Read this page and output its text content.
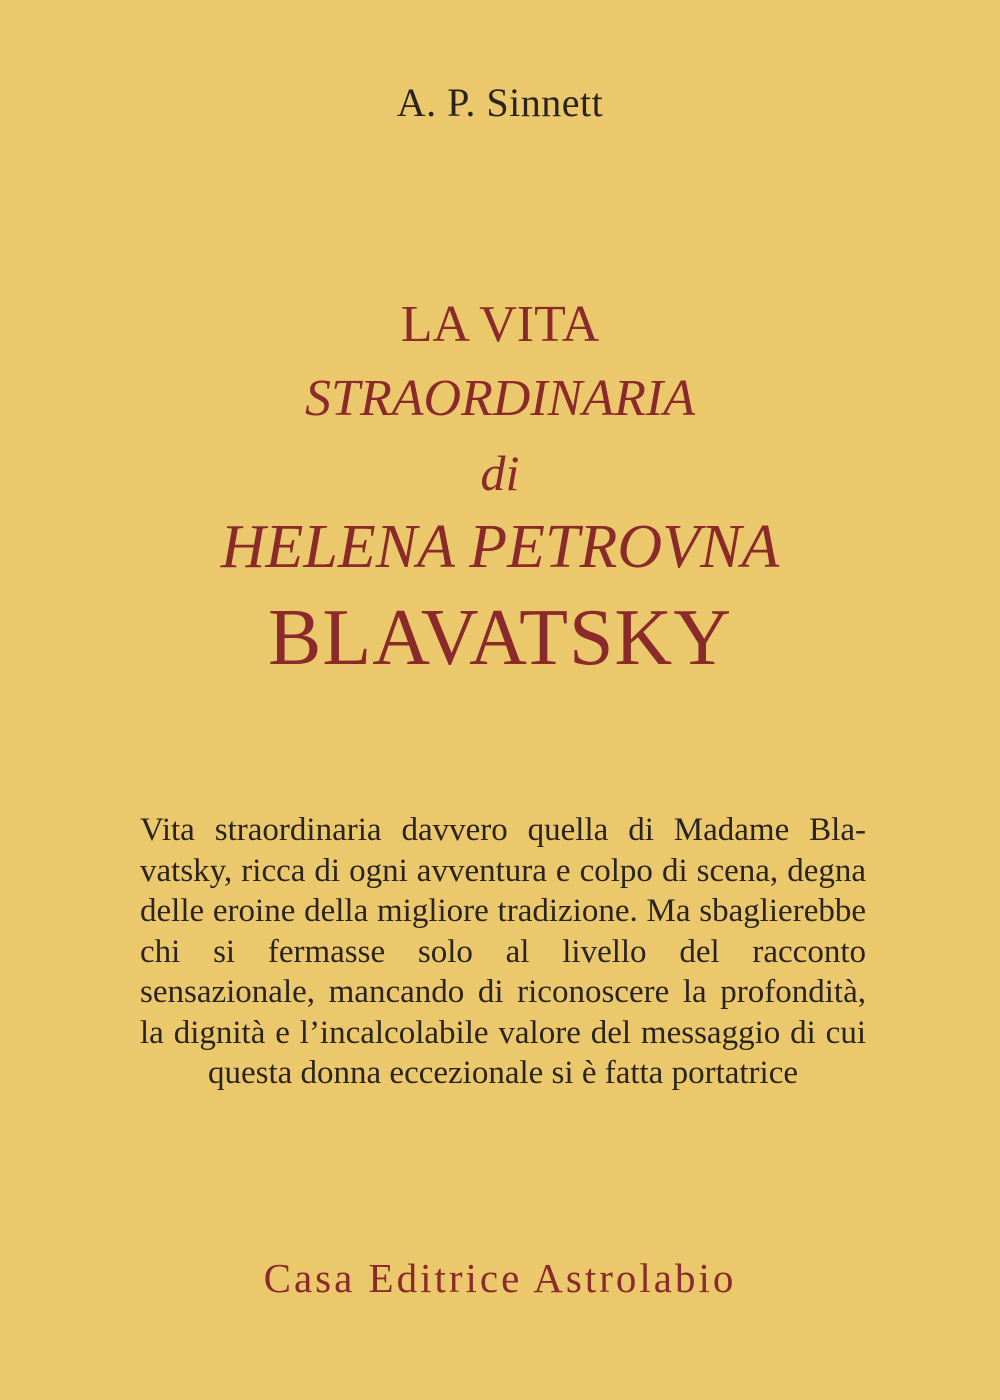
A. P. Sinnett
LA VITA
STRAORDINARIA
di
HELENA PETROVNA
BLAVATSKY
Vita straordinaria davvero quella di Madame Blavatsky, ricca di ogni avventura e colpo di scena, degna delle eroine della migliore tradizione. Ma sbaglierebbe chi si fermasse solo al livello del racconto sensazionale, mancando di riconoscere la profondità, la dignità e l’incalcolabile valore del messaggio di cui questa donna eccezionale si è fatta portatrice
Casa Editrice Astrolabio
